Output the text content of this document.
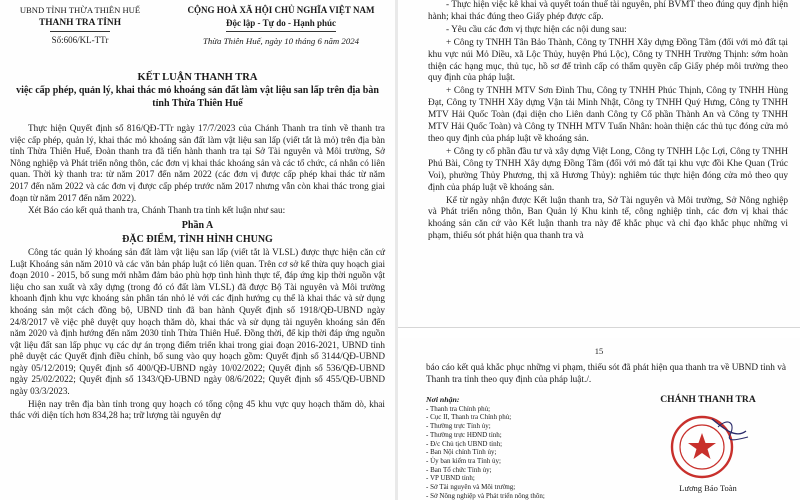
UBND TỈNH THỪA THIÊN HUẾ
THANH TRA TỈNH
Số:606/KL-TTr
CỘNG HOÀ XÃ HỘI CHỦ NGHĨA VIỆT NAM
Độc lập - Tự do - Hạnh phúc
Thừa Thiên Huế, ngày 10 tháng 6 năm 2024
KẾT LUẬN THANH TRA
việc cấp phép, quản lý, khai thác mỏ khoáng sản đất làm vật liệu san lấp trên địa bàn tỉnh Thừa Thiên Huế

Thực hiện Quyết định số 816/QĐ-TTr ngày 17/7/2023 của Chánh Thanh tra tỉnh về thanh tra việc cấp phép, quản lý, khai thác mỏ khoáng sản đất làm vật liệu san lấp (viết tắt là mỏ) trên địa bàn tỉnh Thừa Thiên Huế, Đoàn thanh tra đã tiến hành thanh tra tại Sở Tài nguyên và Môi trường, Sở Nông nghiệp và Phát triển nông thôn, các đơn vị khai thác khoáng sản và các tổ chức, cá nhân có liên quan. Thời kỳ thanh tra: từ năm 2017 đến năm 2022 (các đơn vị được cấp phép khai thác từ năm 2017 đến năm 2022 và các đơn vị được cấp phép trước năm 2017 nhưng vẫn còn khai thác trong giai đoạn từ năm 2017 đến năm 2022).

Xét Báo cáo kết quả thanh tra, Chánh Thanh tra tỉnh kết luận như sau:

Phần A
ĐẶC ĐIỂM, TÌNH HÌNH CHUNG

Công tác quản lý khoáng sản đất làm vật liệu san lấp (viết tắt là VLSL) được thực hiện căn cứ Luật Khoáng sản năm 2010 và các văn bản pháp luật có liên quan. Trên cơ sở kế thừa quy hoạch giai đoạn 2010 - 2015, bổ sung mới nhằm đảm bảo phù hợp tình hình thực tế, đáp ứng kịp thời nguồn vật liệu cho san xuất và xây dựng (trong đó có đất làm VLSL) đã được Bộ Tài nguyên và Môi trường khoanh định khu vực khoáng sản phân tán nhỏ lẻ với các định hướng cụ thể là khai thác và sử dụng khoáng sản một cách đồng bộ, UBND tỉnh đã ban hành Quyết định số 1918/QĐ-UBND ngày 24/8/2017 về việc phê duyệt quy hoạch thăm dò, khai thác và sử dụng tài nguyên khoáng sản đến năm 2020 và định hướng đến năm 2030 tỉnh Thừa Thiên Huế. Đồng thời, để kịp thời đáp ứng nguồn vật liệu đất san lấp phục vụ các dự án trọng điểm triển khai trong giai đoạn 2016-2021, UBND tỉnh phê duyệt các Quyết định điều chỉnh, bổ sung vào quy hoạch gồm: Quyết định số 3144/QĐ-UBND ngày 05/12/2019; Quyết định số 400/QĐ-UBND ngày 10/02/2022; Quyết định số 536/QĐ-UBND ngày 25/02/2022; Quyết định số 1343/QĐ-UBND ngày 08/6/2022; Quyết định số 455/QĐ-UBND ngày 03/3/2023.

Hiện nay trên địa bàn tỉnh trong quy hoạch có tổng cộng 45 khu vực quy hoạch thăm dò, khai thác với diện tích hơn 834,28 ha; trữ lượng tài nguyên dự

- Thực hiện việc kê khai và quyết toán thuế tài nguyên, phí BVMT theo đúng quy định hiện hành; khai thác đúng theo Giấy phép được cấp.

- Yêu cầu các đơn vị thực hiện các nội dung sau:

+ Công ty TNHH Tân Bảo Thành, Công ty TNHH Xây dựng Đồng Tâm (đối với mỏ đất tại khu vực núi Mỏ Diều, xã Lộc Thủy, huyện Phú Lộc), Công ty TNHH Trường Thịnh: sớm hoàn thiện các hạng mục, thủ tục, hồ sơ để trình cấp có thẩm quyền cấp Giấy phép môi trường theo quy định của pháp luật.

+ Công ty TNHH MTV Sơn Đình Thu, Công ty TNHH Phúc Thịnh, Công ty TNHH Hùng Đạt, Công ty TNHH Xây dựng Vận tải Minh Nhật, Công ty TNHH Quý Hưng, Công ty TNHH MTV Hải Quốc Toàn (đại diện cho Liên danh Công ty Cổ phần Thành An và Công ty TNHH MTV Hải Quốc Toàn) và Công ty TNHH MTV Tuấn Nhân: hoàn thiện các thủ tục đóng cửa mỏ theo quy định của pháp luật về khoáng sản.

+ Công ty cổ phần đầu tư và xây dựng Việt Long, Công ty TNHH Lộc Lợi, Công ty TNHH Phú Bài, Công ty TNHH Xây dựng Đồng Tâm (đối với mỏ đất tại khu vực đồi Khe Quan (Trúc Voi), phường Thủy Phương, thị xã Hương Thủy): nghiêm túc thực hiện đóng cửa mỏ theo quy định của pháp luật về khoáng sản.

Kể từ ngày nhận được Kết luận thanh tra, Sở Tài nguyên và Môi trường, Sở Nông nghiệp và Phát triển nông thôn, Ban Quản lý Khu kinh tế, công nghiệp tỉnh, các đơn vị khai thác khoáng sản căn cứ vào Kết luận thanh tra này để khắc phục và chỉ đạo khắc phục những vi phạm, thiếu sót phát hiện qua thanh tra và

15
báo cáo kết quả khắc phục những vi phạm, thiếu sót đã phát hiện qua thanh tra về UBND tỉnh và Thanh tra tỉnh theo quy định của pháp luật./.
Nơi nhận:
- Thanh tra Chính phủ;
- Cục II, Thanh tra Chính phủ;
- Thường trực Tỉnh ủy;
- Thường trực HĐND tỉnh;
- Đ/c Chủ tịch UBND tỉnh;
- Ban Nội chính Tỉnh ủy;
- Ủy ban kiểm tra Tỉnh ủy;
- Ban Tổ chức Tỉnh ủy;
- VP UBND tỉnh;
- Sở Tài nguyên và Môi trường;
- Sở Nông nghiệp và Phát triển nông thôn;
CHÁNH THANH TRA
Lương Bảo Toàn
